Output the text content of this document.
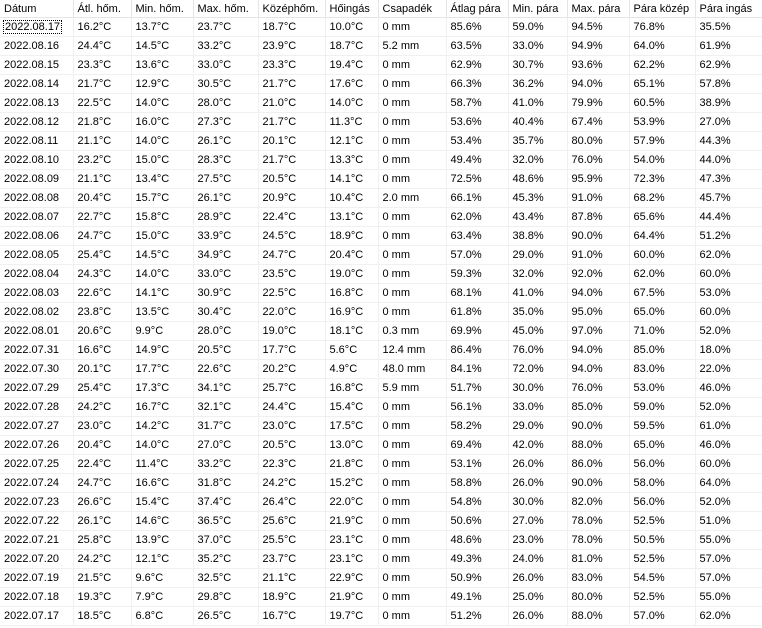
Dátum	Átl. hőm.	Min. hőm.	Max. hőm.	Középhőm.	Hőingás	Csapadék	Átlag pára	Min. pára	Max. pára	Pára közép	Pára ingás
2022.08.17	16.2°C	13.7°C	23.7°C	18.7°C	10.0°C	0 mm	85.6%	59.0%	94.5%	76.8%	35.5%
2022.08.16	24.4°C	14.5°C	33.2°C	23.9°C	18.7°C	5.2 mm	63.5%	33.0%	94.9%	64.0%	61.9%
2022.08.15	23.3°C	13.6°C	33.0°C	23.3°C	19.4°C	0 mm	62.9%	30.7%	93.6%	62.2%	62.9%
2022.08.14	21.7°C	12.9°C	30.5°C	21.7°C	17.6°C	0 mm	66.3%	36.2%	94.0%	65.1%	57.8%
2022.08.13	22.5°C	14.0°C	28.0°C	21.0°C	14.0°C	0 mm	58.7%	41.0%	79.9%	60.5%	38.9%
2022.08.12	21.8°C	16.0°C	27.3°C	21.7°C	11.3°C	0 mm	53.6%	40.4%	67.4%	53.9%	27.0%
2022.08.11	21.1°C	14.0°C	26.1°C	20.1°C	12.1°C	0 mm	53.4%	35.7%	80.0%	57.9%	44.3%
2022.08.10	23.2°C	15.0°C	28.3°C	21.7°C	13.3°C	0 mm	49.4%	32.0%	76.0%	54.0%	44.0%
2022.08.09	21.1°C	13.4°C	27.5°C	20.5°C	14.1°C	0 mm	72.5%	48.6%	95.9%	72.3%	47.3%
2022.08.08	20.4°C	15.7°C	26.1°C	20.9°C	10.4°C	2.0 mm	66.1%	45.3%	91.0%	68.2%	45.7%
2022.08.07	22.7°C	15.8°C	28.9°C	22.4°C	13.1°C	0 mm	62.0%	43.4%	87.8%	65.6%	44.4%
2022.08.06	24.7°C	15.0°C	33.9°C	24.5°C	18.9°C	0 mm	63.4%	38.8%	90.0%	64.4%	51.2%
2022.08.05	25.4°C	14.5°C	34.9°C	24.7°C	20.4°C	0 mm	57.0%	29.0%	91.0%	60.0%	62.0%
2022.08.04	24.3°C	14.0°C	33.0°C	23.5°C	19.0°C	0 mm	59.3%	32.0%	92.0%	62.0%	60.0%
2022.08.03	22.6°C	14.1°C	30.9°C	22.5°C	16.8°C	0 mm	68.1%	41.0%	94.0%	67.5%	53.0%
2022.08.02	23.8°C	13.5°C	30.4°C	22.0°C	16.9°C	0 mm	61.8%	35.0%	95.0%	65.0%	60.0%
2022.08.01	20.6°C	9.9°C	28.0°C	19.0°C	18.1°C	0.3 mm	69.9%	45.0%	97.0%	71.0%	52.0%
2022.07.31	16.6°C	14.9°C	20.5°C	17.7°C	5.6°C	12.4 mm	86.4%	76.0%	94.0%	85.0%	18.0%
2022.07.30	20.1°C	17.7°C	22.6°C	20.2°C	4.9°C	48.0 mm	84.1%	72.0%	94.0%	83.0%	22.0%
2022.07.29	25.4°C	17.3°C	34.1°C	25.7°C	16.8°C	5.9 mm	51.7%	30.0%	76.0%	53.0%	46.0%
2022.07.28	24.2°C	16.7°C	32.1°C	24.4°C	15.4°C	0 mm	56.1%	33.0%	85.0%	59.0%	52.0%
2022.07.27	23.0°C	14.2°C	31.7°C	23.0°C	17.5°C	0 mm	58.2%	29.0%	90.0%	59.5%	61.0%
2022.07.26	20.4°C	14.0°C	27.0°C	20.5°C	13.0°C	0 mm	69.4%	42.0%	88.0%	65.0%	46.0%
2022.07.25	22.4°C	11.4°C	33.2°C	22.3°C	21.8°C	0 mm	53.1%	26.0%	86.0%	56.0%	60.0%
2022.07.24	24.7°C	16.6°C	31.8°C	24.2°C	15.2°C	0 mm	58.8%	26.0%	90.0%	58.0%	64.0%
2022.07.23	26.6°C	15.4°C	37.4°C	26.4°C	22.0°C	0 mm	54.8%	30.0%	82.0%	56.0%	52.0%
2022.07.22	26.1°C	14.6°C	36.5°C	25.6°C	21.9°C	0 mm	50.6%	27.0%	78.0%	52.5%	51.0%
2022.07.21	25.8°C	13.9°C	37.0°C	25.5°C	23.1°C	0 mm	48.6%	23.0%	78.0%	50.5%	55.0%
2022.07.20	24.2°C	12.1°C	35.2°C	23.7°C	23.1°C	0 mm	49.3%	24.0%	81.0%	52.5%	57.0%
2022.07.19	21.5°C	9.6°C	32.5°C	21.1°C	22.9°C	0 mm	50.9%	26.0%	83.0%	54.5%	57.0%
2022.07.18	19.3°C	7.9°C	29.8°C	18.9°C	21.9°C	0 mm	49.1%	25.0%	80.0%	52.5%	55.0%
2022.07.17	18.5°C	6.8°C	26.5°C	16.7°C	19.7°C	0 mm	51.2%	26.0%	88.0%	57.0%	62.0%
